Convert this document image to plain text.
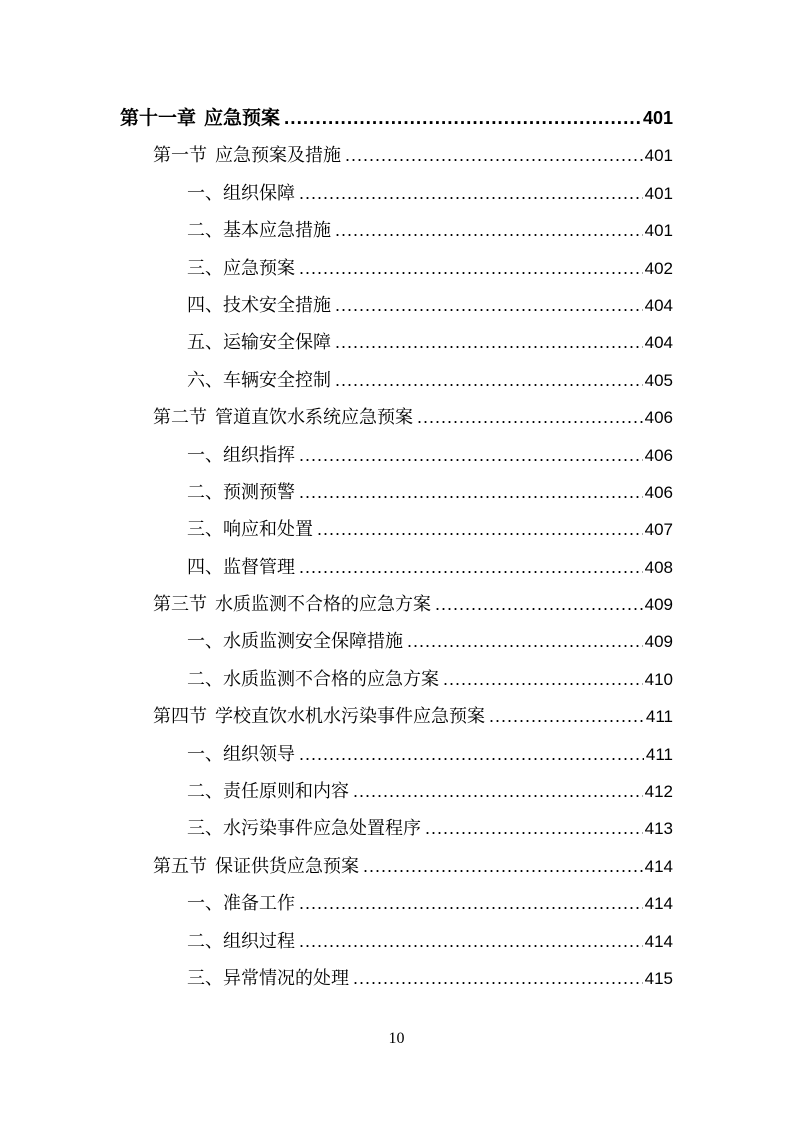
第十一章 应急预案 .....	401
第一节 应急预案及措施 .....	401
一、组织保障 .....	401
二、基本应急措施 .....	401
三、应急预案 .....	402
四、技术安全措施 .....	404
五、运输安全保障 .....	404
六、车辆安全控制 .....	405
第二节 管道直饮水系统应急预案 .....	406
一、组织指挥 .....	406
二、预测预警 .....	406
三、响应和处置 .....	407
四、监督管理 .....	408
第三节 水质监测不合格的应急方案 .....	409
一、水质监测安全保障措施 .....	409
二、水质监测不合格的应急方案 .....	410
第四节 学校直饮水机水污染事件应急预案 .....	411
一、组织领导 .....	411
二、责任原则和内容 .....	412
三、水污染事件应急处置程序 .....	413
第五节 保证供货应急预案 .....	414
一、准备工作 .....	414
二、组织过程 .....	414
三、异常情况的处理 .....	415
10
